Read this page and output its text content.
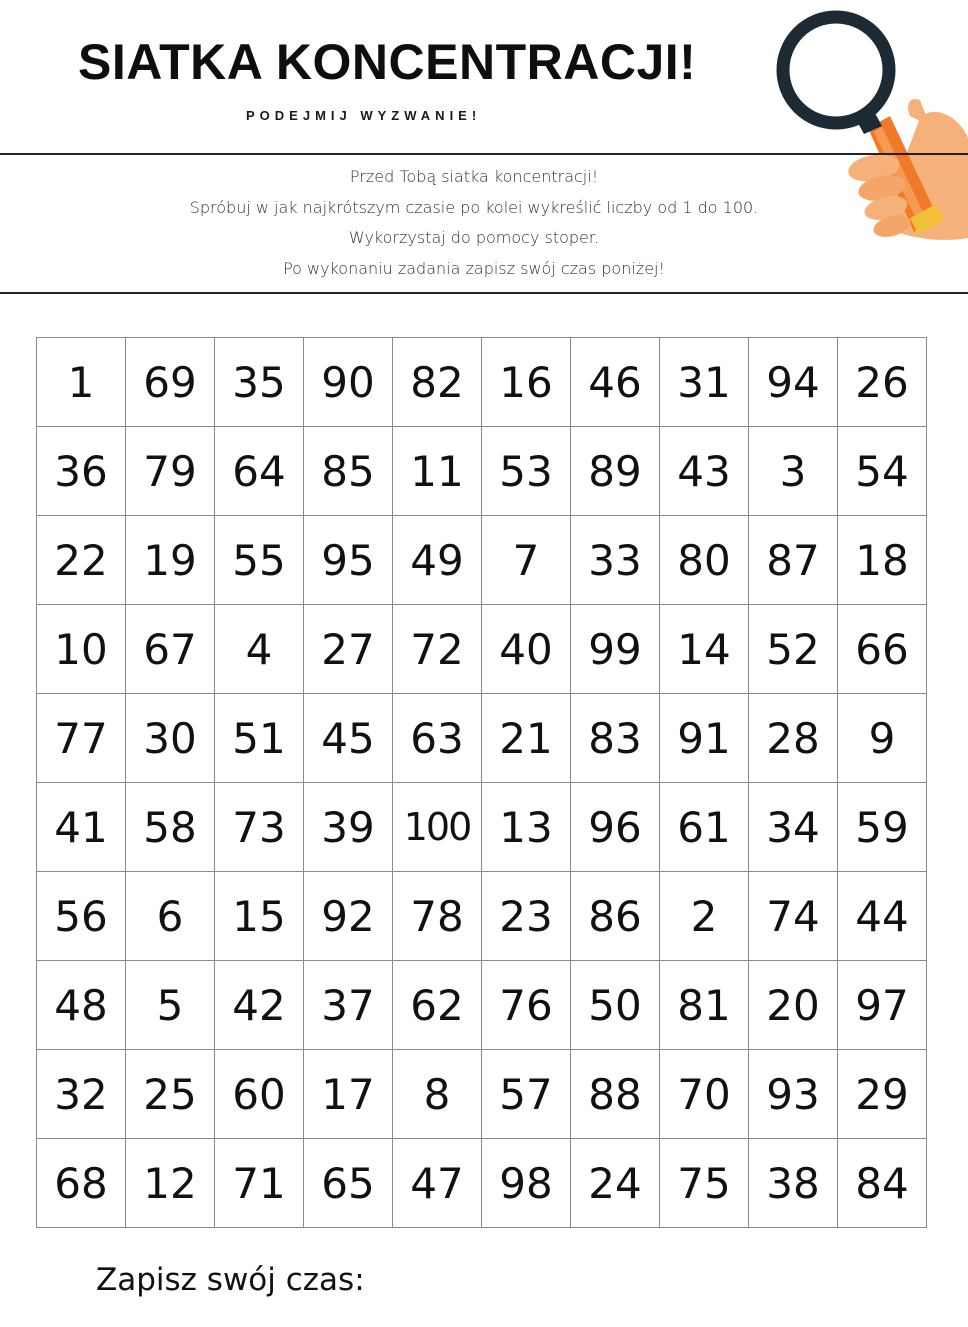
SIATKA KONCENTRACJI!
PODEJMIJ WYZWANIE!
Przed Tobą siatka koncentracji!
Spróbuj w jak najkrótszym czasie po kolei wykreślić liczby od 1 do 100.
Wykorzystaj do pomocy stoper.
Po wykonaniu zadania zapisz swój czas poniżej!
1	69 35 90 82 16 46 31 94 26
36 79 64 85 11 53 89 43	3	54
22 19 55 95 49	7	33 80 87 18
10 67	4	27 72 40 99 14 52 66
77 30 51 45 63 21 83 91 28	9
41 58 73 39 100 13 96 61 34 59
56	6	15 92 78 23 86	2	74 44
48	5	42 37 62 76 50 81 20 97
32 25 60 17	8	57 88 70 93 29
68 12 71 65 47 98 24 75 38 84
Zapisz swój czas:
